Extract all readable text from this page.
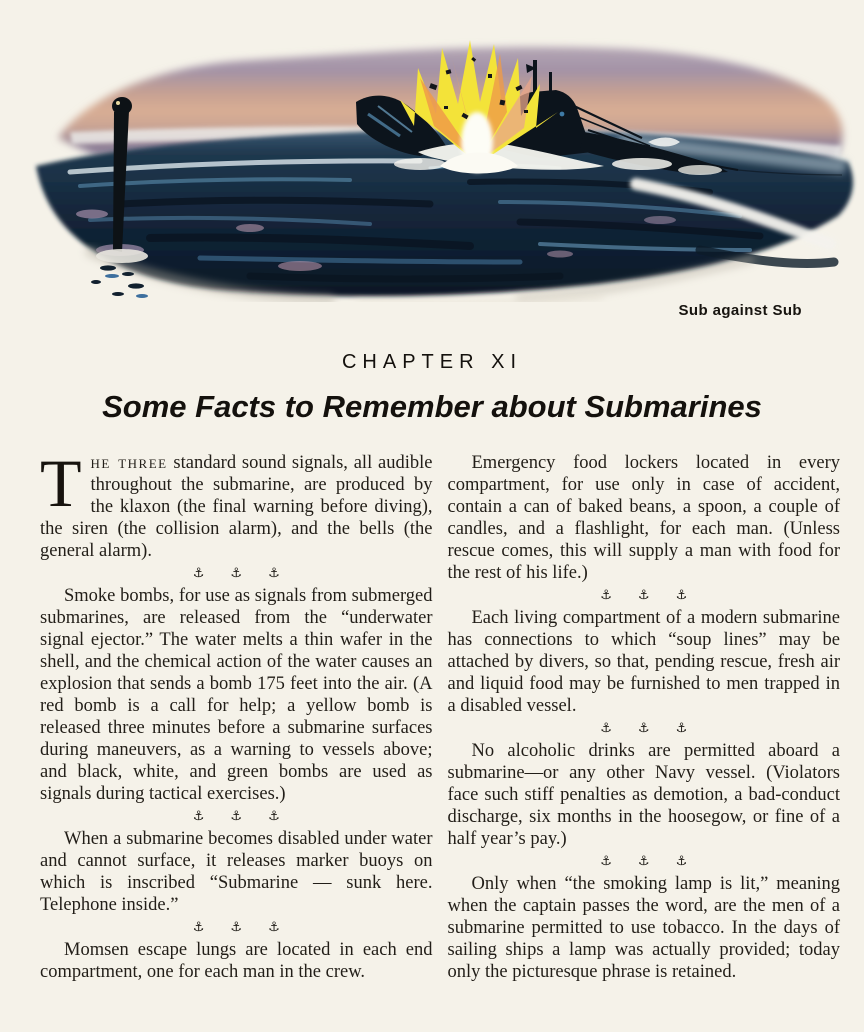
Sub against Sub
CHAPTER XI
Some Facts to Remember about Submarines

The three standard sound signals, all audible throughout the submarine, are produced by the klaxon (the final warning before diving), the siren (the collision alarm), and the bells (the general alarm).

⚓  ⚓  ⚓

Smoke bombs, for use as signals from submerged submarines, are released from the “underwater signal ejector.” The water melts a thin wafer in the shell, and the chemical action of the water causes an explosion that sends a bomb 175 feet into the air. (A red bomb is a call for help; a yellow bomb is released three minutes before a submarine surfaces during maneuvers, as a warning to vessels above; and black, white, and green bombs are used as signals during tactical exercises.)

⚓  ⚓  ⚓

When a submarine becomes disabled under water and cannot surface, it releases marker buoys on which is inscribed “Submarine — sunk here. Telephone inside.”

⚓  ⚓  ⚓

Momsen escape lungs are located in each end compartment, one for each man in the crew.

Emergency food lockers located in every compartment, for use only in case of accident, contain a can of baked beans, a spoon, a couple of candles, and a flashlight, for each man. (Unless rescue comes, this will supply a man with food for the rest of his life.)

⚓  ⚓  ⚓

Each living compartment of a modern submarine has connections to which “soup lines” may be attached by divers, so that, pending rescue, fresh air and liquid food may be furnished to men trapped in a disabled vessel.

⚓  ⚓  ⚓

No alcoholic drinks are permitted aboard a submarine—or any other Navy vessel. (Violators face such stiff penalties as demotion, a bad-conduct discharge, six months in the hoosegow, or fine of a half year’s pay.)

⚓  ⚓  ⚓

Only when “the smoking lamp is lit,” meaning when the captain passes the word, are the men of a submarine permitted to use tobacco. In the days of sailing ships a lamp was actually provided; today only the picturesque phrase is retained.
